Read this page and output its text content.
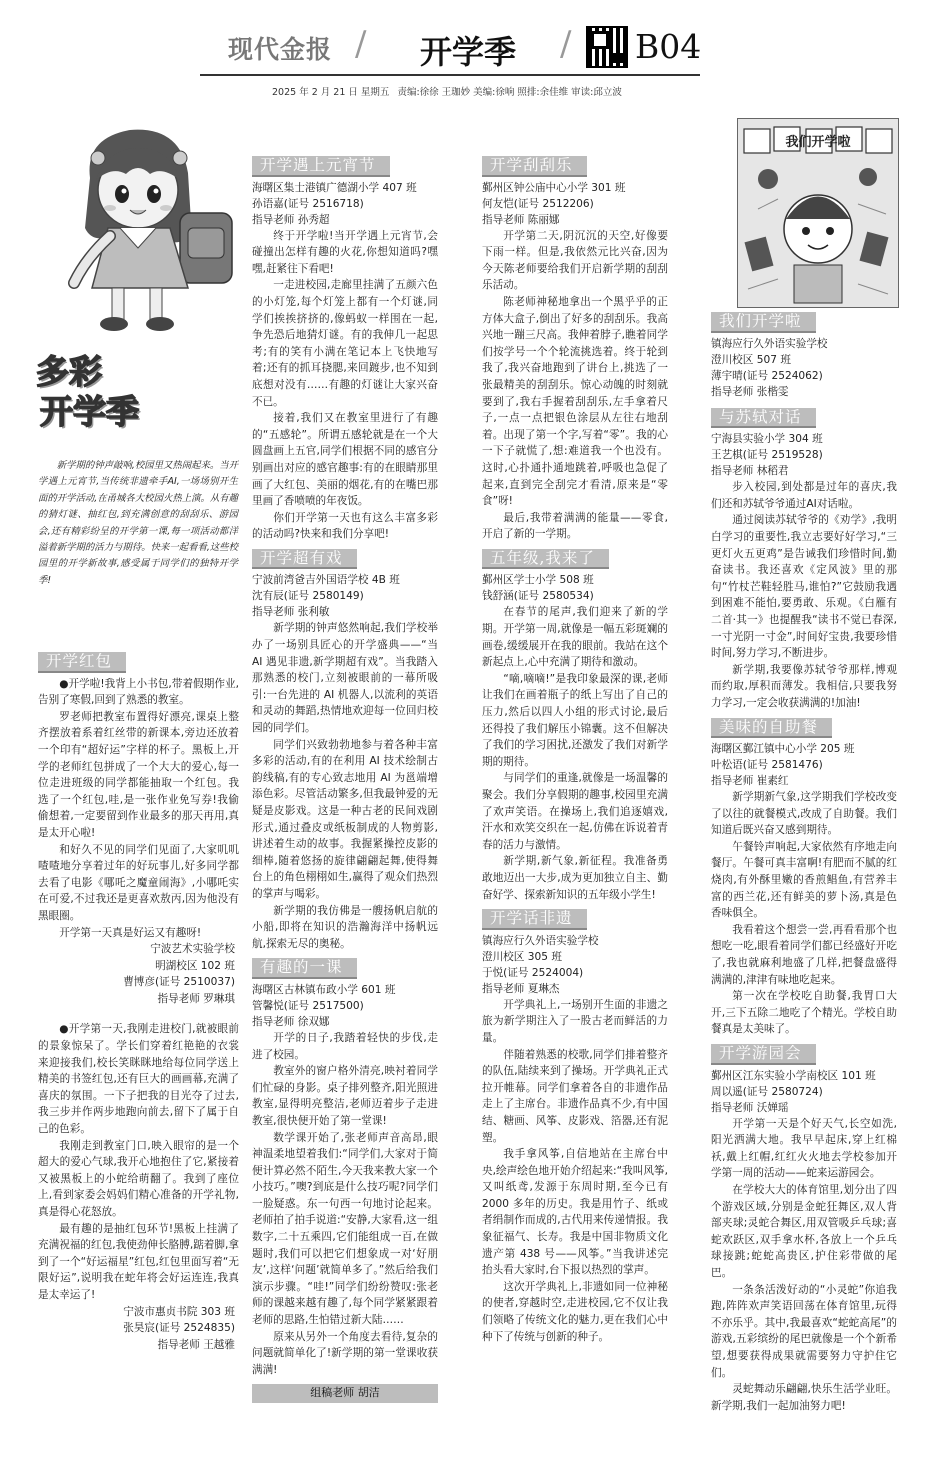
现代金报 / 开学季 / B04
2025 年 2 月 21 日 星期五 责编:徐徐 王珈妙 美编:徐响 照排:余佳维 审读:邱立波
多彩
开学季
新学期的钟声敲响,校园里又热闹起来。当开学遇上元宵节,当传统非遗牵手AI,一场场别开生面的开学活动,在甬城各大校园火热上演。从有趣的猜灯谜、抽红包,到充满创意的刮刮乐、游园会,还有精彩纷呈的开学第一课,每一项活动都洋溢着新学期的活力与期待。快来一起看看,这些校园里的开学新故事,感受属于同学们的独特开学季!
开学红包

●开学啦!我背上小书包,带着假期作业,告别了寒假,回到了熟悉的教室。

罗老师把教室布置得好漂亮,课桌上整齐摆放着系着红丝带的新课本,旁边还放着一个印有“超好运”字样的杯子。黑板上,开学的老师红包拼成了一个大大的爱心,每一位走进班级的同学都能抽取一个红包。我选了一个红包,哇,是一张作业免写券!我偷偷想着,一定要留到作业最多的那天再用,真是太开心啦!

和好久不见的同学们见面了,大家叽叽喳喳地分享着过年的好玩事儿,好多同学都去看了电影《哪吒之魔童闹海》,小哪吒实在可爱,不过我还是更喜欢敖丙,因为他没有黑眼圈。

开学第一天真是好运又有趣呀!

宁波艺术实验学校

明湖校区 102 班

曹博彦(证号 2510037)

指导老师 罗琳琪

●开学第一天,我刚走进校门,就被眼前的景象惊呆了。学长们穿着红艳艳的衣裳来迎接我们,校长笑眯眯地给每位同学送上精美的书签红包,还有巨大的画画幕,充满了喜庆的氛围。一下子把我的目光夺了过去,我三步并作两步地跑向前去,留下了属于自己的色彩。

我刚走到教室门口,映入眼帘的是一个超大的爱心气球,我开心地抱住了它,紧接着又被黑板上的小蛇给萌翻了。我到了座位上,看到家委会妈妈们精心准备的开学礼物,真是得心花怒放。

最有趣的是抽红包环节!黑板上挂满了充满祝福的红包,我使劲伸长胳膊,踮着脚,拿到了一个“好运福星”红包,红包里面写着“无限好运”,说明我在蛇年将会好运连连,我真是太幸运了!

宁波市惠贞书院 303 班

张昊宸(证号 2524835)

指导老师 王越雅

开学遇上元宵节

海曙区集士港镇广德湖小学 407 班

孙语嘉(证号 2516718)

指导老师 孙秀超

终于开学啦!当开学遇上元宵节,会碰撞出怎样有趣的火花,你想知道吗?嘿嘿,赶紧往下看吧!

一走进校园,走廊里挂满了五颜六色的小灯笼,每个灯笼上都有一个灯谜,同学们挨挨挤挤的,像蚂蚁一样围在一起,争先恐后地猜灯谜。有的我伸几一起思考;有的笑有小满在笔记本上飞快地写着;还有的抓耳挠腮,来回踱步,也不知到底想对没有……有趣的灯谜让大家兴奋不已。

接着,我们又在教室里进行了有趣的“五感轮”。所谓五感轮就是在一个大圆盘画上五官,同学们根据不同的感官分别画出对应的感官趣事:有的在眼睛那里画了大红包、美丽的烟花,有的在嘴巴那里画了香喷喷的年夜饭。

你们开学第一天也有这么丰富多彩的活动吗?快来和我们分享吧!

开学超有戏

宁波前湾爸吉外国语学校 4B 班

沈有辰(证号 2580149)

指导老师 张利敏

新学期的钟声悠然响起,我们学校举办了一场别具匠心的开学盛典——“当 AI 遇见非遗,新学期超有戏”。当我踏入那熟悉的校门,立刻被眼前的一幕所吸引:一台先进的 AI 机器人,以流利的英语和灵动的舞蹈,热情地欢迎每一位回归校园的同学们。

同学们兴致勃勃地参与着各种丰富多彩的活动,有的在利用 AI 技术绘制古韵线稿,有的专心致志地用 AI 为邕端增添色彩。尽管活动繁多,但我最钟爱的无疑是皮影戏。这是一种古老的民间戏剧形式,通过叠皮或纸板制成的人物剪影,讲述着生动的故事。我握紧操控皮影的细棒,随着悠扬的旋律翩翩起舞,使得舞台上的角色栩栩如生,赢得了观众们热烈的掌声与喝彩。

新学期的我仿佛是一艘扬帆启航的小船,即将在知识的浩瀚海洋中扬帆远航,探索无尽的奥秘。

有趣的一课

海曙区古林镇布政小学 601 班

管馨悦(证号 2517500)

指导老师 徐双娜

开学的日子,我踏着轻快的步伐,走进了校园。

教室外的窗户格外清亮,映衬着同学们忙碌的身影。桌子排列整齐,阳光照进教室,显得明亮整洁,老师迈着步子走进教室,很快便开始了第一堂课!

数学课开始了,张老师声音高昂,眼神温柔地望着我们:“同学们,大家对于简便计算必然不陌生,今天我来教大家一个小技巧。”噢?到底是什么技巧呢?同学们一脸疑惑。东一句西一句地讨论起来。老师拍了拍手说道:“安静,大家看,这一组数字,二十五乘四,它们能组成一百,在做题时,我们可以把它们想象成一对‘好朋友’,这样‘问题’就简单多了。”然后给我们演示步骤。“哇!”同学们纷纷赞叹:张老师的课越来越有趣了,每个同学紧紧跟着老师的思路,生怕错过新大陆……

原来从另外一个角度去看待,复杂的问题就简单化了!新学期的第一堂课收获满满!

组稿老师 胡洁
开学刮刮乐

鄞州区钟公庙中心小学 301 班

何友恺(证号 2512206)

指导老师 陈丽娜

开学第二天,阴沉沉的天空,好像要下雨一样。但是,我依然元比兴奋,因为今天陈老师要给我们开启新学期的刮刮乐活动。

陈老师神秘地拿出一个黑乎乎的正方体大盒子,倒出了好多的刮刮乐。我高兴地一蹦三尺高。我伸着脖子,瞧着同学们按学号一个个轮流挑选着。终于轮到我了,我兴奋地跑到了讲台上,挑选了一张最精美的刮刮乐。惊心动魄的时刻就要到了,我右手握着刮刮乐,左手拿着尺子,一点一点把银色涂层从左往右地刮着。出现了第一个字,写着“零”。我的心一下子就慌了,想:难道我一个也没有。这时,心扑通扑通地跳着,呼吸也急促了起来,直到完全刮完才看清,原来是“零食”呀!

最后,我带着满满的能量——零食,开启了新的一学期。

五年级,我来了

鄞州区学士小学 508 班

钱舒涵(证号 2580534)

在春节的尾声,我们迎来了新的学期。开学第一周,就像是一幅五彩斑斓的画卷,缓缓展开在我的眼前。我站在这个新起点上,心中充满了期待和激动。

“嘀,嘀嘀!”是我印象最深的课,老师让我们在画着瓶子的纸上写出了自己的压力,然后以四人小组的形式讨论,最后还得投了我们解压小锦囊。这不但解决了我们的学习困扰,还激发了我们对新学期的期待。

与同学们的重逢,就像是一场温馨的聚会。我们分享假期的趣事,校园里充满了欢声笑语。在操场上,我们追逐嬉戏,汗水和欢笑交织在一起,仿佛在诉说着青春的活力与激情。

新学期,新气象,新征程。我准备勇敢地迈出一大步,成为更加独立自主、勤奋好学、探索新知识的五年级小学生!

开学话非遗

镇海应行久外语实验学校

澄川校区 305 班

于悦(证号 2524004)

指导老师 夏琳杰

开学典礼上,一场别开生面的非遗之旅为新学期注入了一股古老而鲜活的力量。

伴随着熟悉的校歌,同学们排着整齐的队伍,陆续来到了操场。开学典礼正式拉开帷幕。同学们拿着各自的非遗作品走上了主席台。非遗作品真不少,有中国结、糖画、风筝、皮影戏、箔器,还有泥塑。

我手拿风筝,自信地站在主席台中央,绘声绘色地开始介绍起来:“我叫风筝,又叫纸鸢,发源于东周时期,至今已有 2000 多年的历史。我是用竹子、纸或者绢制作而成的,古代用来传递情报。我象征福气、长寿。我是中国非物质文化遗产第 438 号——风筝。”当我讲述完抬头看大家时,台下报以热烈的掌声。

这次开学典礼上,非遗如同一位神秘的使者,穿越时空,走进校园,它不仅让我们领略了传统文化的魅力,更在我们心中种下了传统与创新的种子。

我们开学啦
我们开学啦

镇海应行久外语实验学校

澄川校区 507 班

薄宇晴(证号 2524062)

指导老师 张楷雯

与苏轼对话

宁海县实验小学 304 班

王艺棋(证号 2519528)

指导老师 林稻君

步入校园,到处都是过年的喜庆,我们还和苏轼爷爷通过AI对话啦。

通过阅读苏轼爷爷的《劝学》,我明白学习的重要性,我立志要好好学习,“三更灯火五更鸡”是告诫我们珍惜时间,勤奋读书。我还喜欢《定风波》里的那句“竹杖芒鞋轻胜马,谁怕?”它鼓励我遇到困难不能怕,要勇敢、乐观。《白雁有二首·其一》也提醒我“读书不觉已春深,一寸光阴一寸金”,时间好宝贵,我要珍惜时间,努力学习,不断进步。

新学期,我要像苏轼爷爷那样,博观而约取,厚积而薄发。我相信,只要我努力学习,一定会收获满满的!加油!

美味的自助餐

海曙区鄞江镇中心小学 205 班

叶松语(证号 2581476)

指导老师 崔素红

新学期新气象,这学期我们学校改变了以往的就餐模式,改成了自助餐。我们知道后既兴奋又感到期待。

午餐铃声响起,大家依然有序地走向餐厅。午餐可真丰富啊!有肥而不腻的红烧肉,有外酥里嫩的香煎鲳鱼,有营养丰富的西兰花,还有鲜美的萝卜汤,真是色香味俱全。

我看着这个想尝一尝,再看看那个也想吃一吃,眼看着同学们都已经盛好开吃了,我也就麻利地盛了几样,把餐盘盛得满满的,津津有味地吃起来。

第一次在学校吃自助餐,我胃口大开,三下五除二地吃了个精光。学校自助餐真是太美味了。

开学游园会

鄞州区江东实验小学南校区 101 班

周以遥(证号 2580724)

指导老师 沃婵瑶

开学第一天是个好天气,长空如洗,阳光洒满大地。我早早起床,穿上红棉袄,戴上红帽,红红火火地去学校参加开学第一周的活动——蛇来运游园会。

在学校大大的体育馆里,划分出了四个游戏区域,分别是金蛇狂舞区,双人背部夹球;灵蛇合舞区,用双管吸乒乓球;喜蛇欢跃区,双手拿水杯,各放上一个乒乓球接跳;蛇蛇高贵区,护住彩带做的尾巴。

一条条活泼好动的“小灵蛇”你追我跑,阵阵欢声笑语回荡在体育馆里,玩得不亦乐乎。其中,我最喜欢“蛇蛇高尾”的游戏,五彩缤纷的尾巴就像是一个个新希望,想要获得成果就需要努力守护住它们。

灵蛇舞动乐翩翩,快乐生活学业旺。新学期,我们一起加油努力吧!
